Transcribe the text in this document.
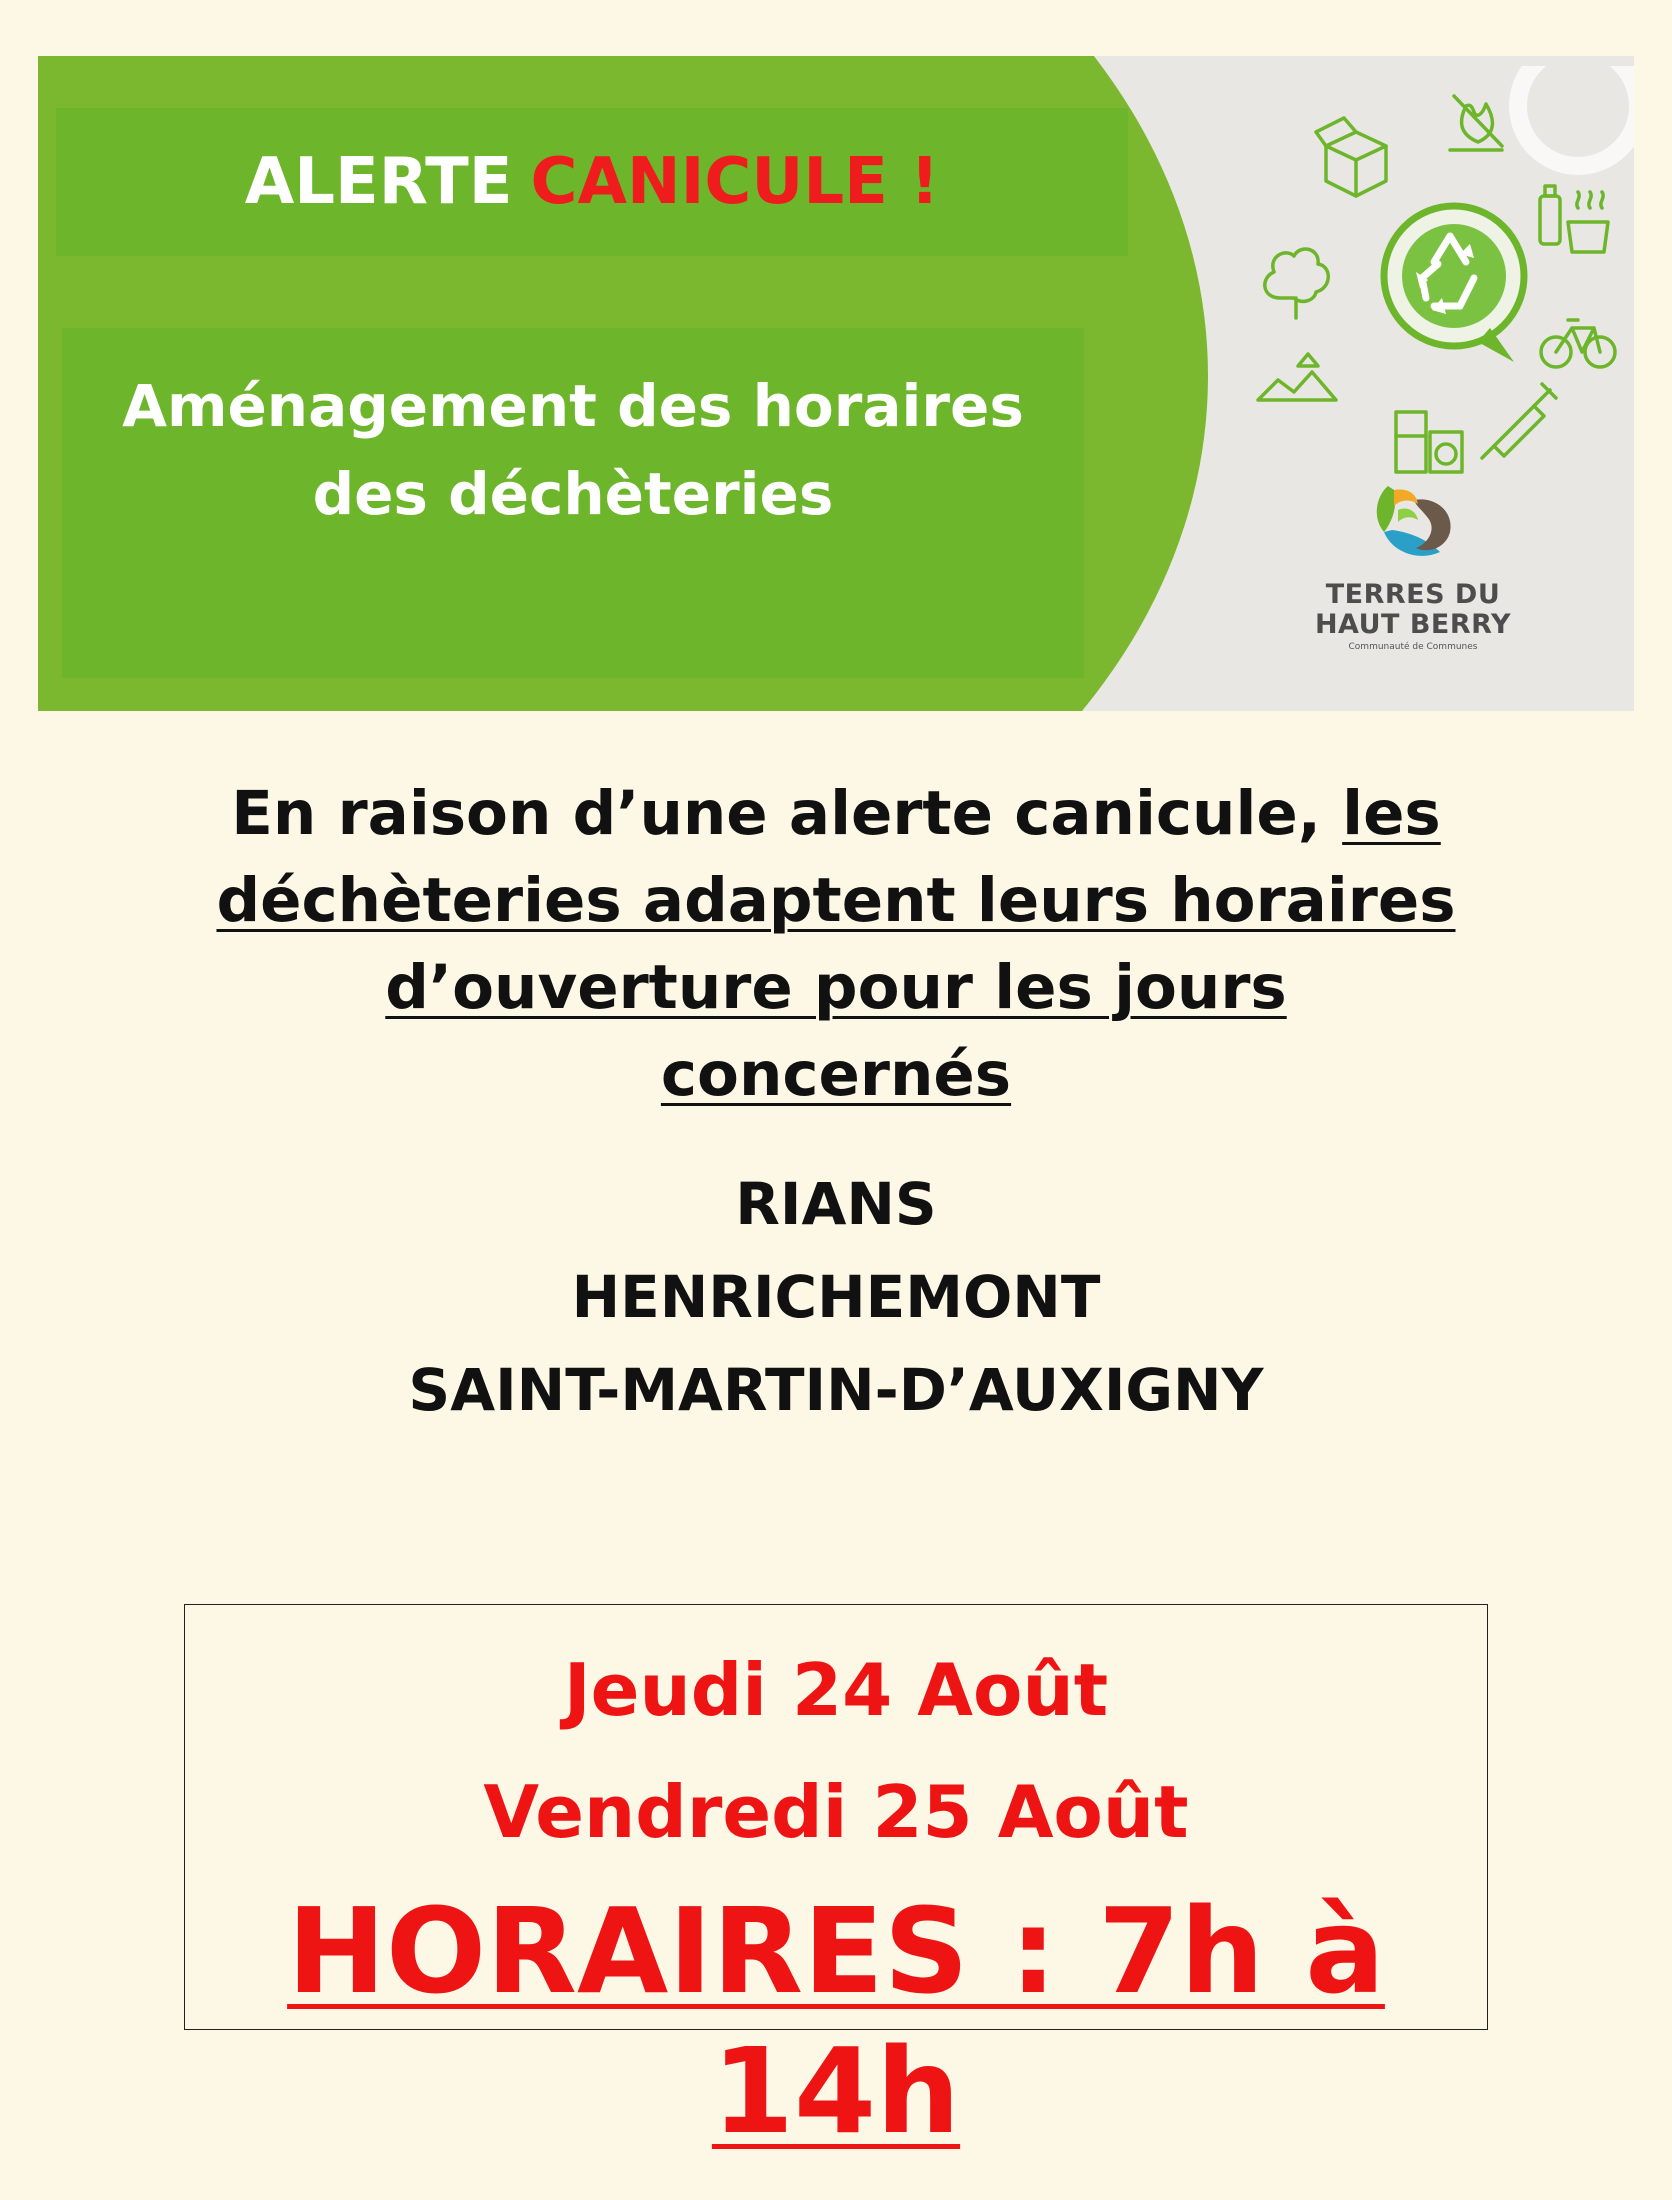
ALERTE CANICULE !
Aménagement des horaires
des déchèteries
TERRES DU
HAUT BERRY
Communauté de Communes
En raison d’une alerte canicule, les
déchèteries adaptent leurs horaires
d’ouverture pour les jours
concernés
RIANS
HENRICHEMONT
SAINT-MARTIN-D’AUXIGNY
Jeudi 24 Août
Vendredi 25 Août
HORAIRES : 7h à 14h
